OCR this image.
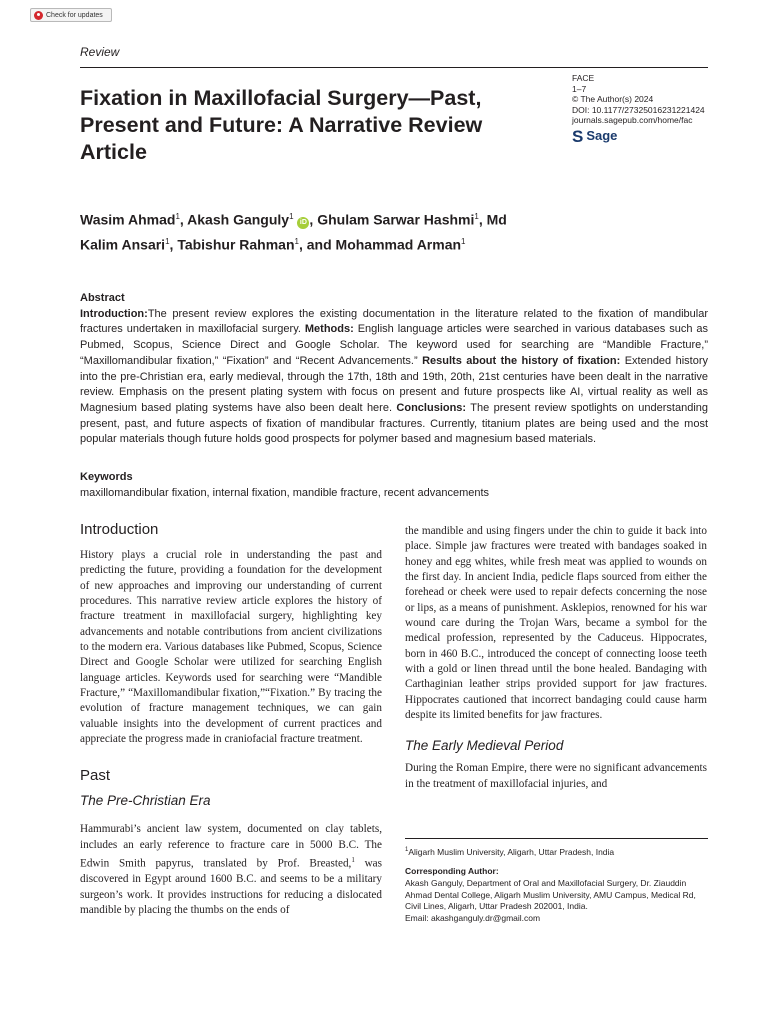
Check for updates
Review
Fixation in Maxillofacial Surgery—Past, Present and Future: A Narrative Review Article
FACE
1–7
© The Author(s) 2024
DOI: 10.1177/27325016231221424
journals.sagepub.com/home/fac
S Sage
Wasim Ahmad$^1$, Akash Ganguly$^1$ iD , Ghulam Sarwar Hashmi$^1$, Md Kalim Ansari$^1$, Tabishur Rahman$^1$, and Mohammad Arman$^1$
Abstract
Introduction:The present review explores the existing documentation in the literature related to the fixation of mandibular fractures undertaken in maxillofacial surgery. Methods: English language articles were searched in various databases such as Pubmed, Scopus, Science Direct and Google Scholar. The keyword used for searching are “Mandible Fracture,” “Maxillomandibular fixation,” “Fixation” and “Recent Advancements.” Results about the history of fixation: Extended history into the pre-Christian era, early medieval, through the 17th, 18th and 19th, 20th, 21st centuries have been dealt in the narrative review. Emphasis on the present plating system with focus on present and future prospects like AI, virtual reality as well as Magnesium based plating systems have also been dealt here. Conclusions: The present review spotlights on understanding present, past, and future aspects of fixation of mandibular fractures. Currently, titanium plates are being used and the most popular materials though future holds good prospects for polymer based and magnesium based materials.
Keywords
maxillomandibular fixation, internal fixation, mandible fracture, recent advancements
Introduction

History plays a crucial role in understanding the past and predicting the future, providing a foundation for the development of new approaches and improving our understanding of current procedures. This narrative review article explores the history of fracture treatment in maxillofacial surgery, highlighting key advancements and notable contributions from ancient civilizations to the modern era. Various databases like Pubmed, Scopus, Science Direct and Google Scholar were utilized for searching English language articles. Keywords used for searching were “Mandible Fracture,” “Maxillomandibular fixation,”“Fixation.” By tracing the evolution of fracture management techniques, we can gain valuable insights into the development of current practices and appreciate the progress made in craniofacial fracture treatment.

Past
The Pre-Christian Era

Hammurabi’s ancient law system, documented on clay tablets, includes an early reference to fracture care in 5000 B.C. The Edwin Smith papyrus, translated by Prof. Breasted,$^1$ was discovered in Egypt around 1600 B.C. and seems to be a military surgeon’s work. It provides instructions for reducing a dislocated mandible by placing the thumbs on the ends of

the mandible and using fingers under the chin to guide it back into place. Simple jaw fractures were treated with bandages soaked in honey and egg whites, while fresh meat was applied to wounds on the first day. In ancient India, pedicle flaps sourced from either the forehead or cheek were used to repair defects concerning the nose or lips, as a means of punishment. Asklepios, renowned for his war wound care during the Trojan Wars, became a symbol for the medical profession, represented by the Caduceus. Hippocrates, born in 460 B.C., introduced the concept of connecting loose teeth with a gold or linen thread until the bone healed. Bandaging with Carthaginian leather strips provided support for jaw fractures. Hippocrates cautioned that incorrect bandaging could cause harm despite its limited benefits for jaw fractures.

The Early Medieval Period

During the Roman Empire, there were no significant advancements in the treatment of maxillofacial injuries, and

$^1$Aligarh Muslim University, Aligarh, Uttar Pradesh, India
Corresponding Author:
Akash Ganguly, Department of Oral and Maxillofacial Surgery, Dr. Ziauddin Ahmad Dental College, Aligarh Muslim University, AMU Campus, Medical Rd, Civil Lines, Aligarh, Uttar Pradesh 202001, India.
Email: akashganguly.dr@gmail.com
